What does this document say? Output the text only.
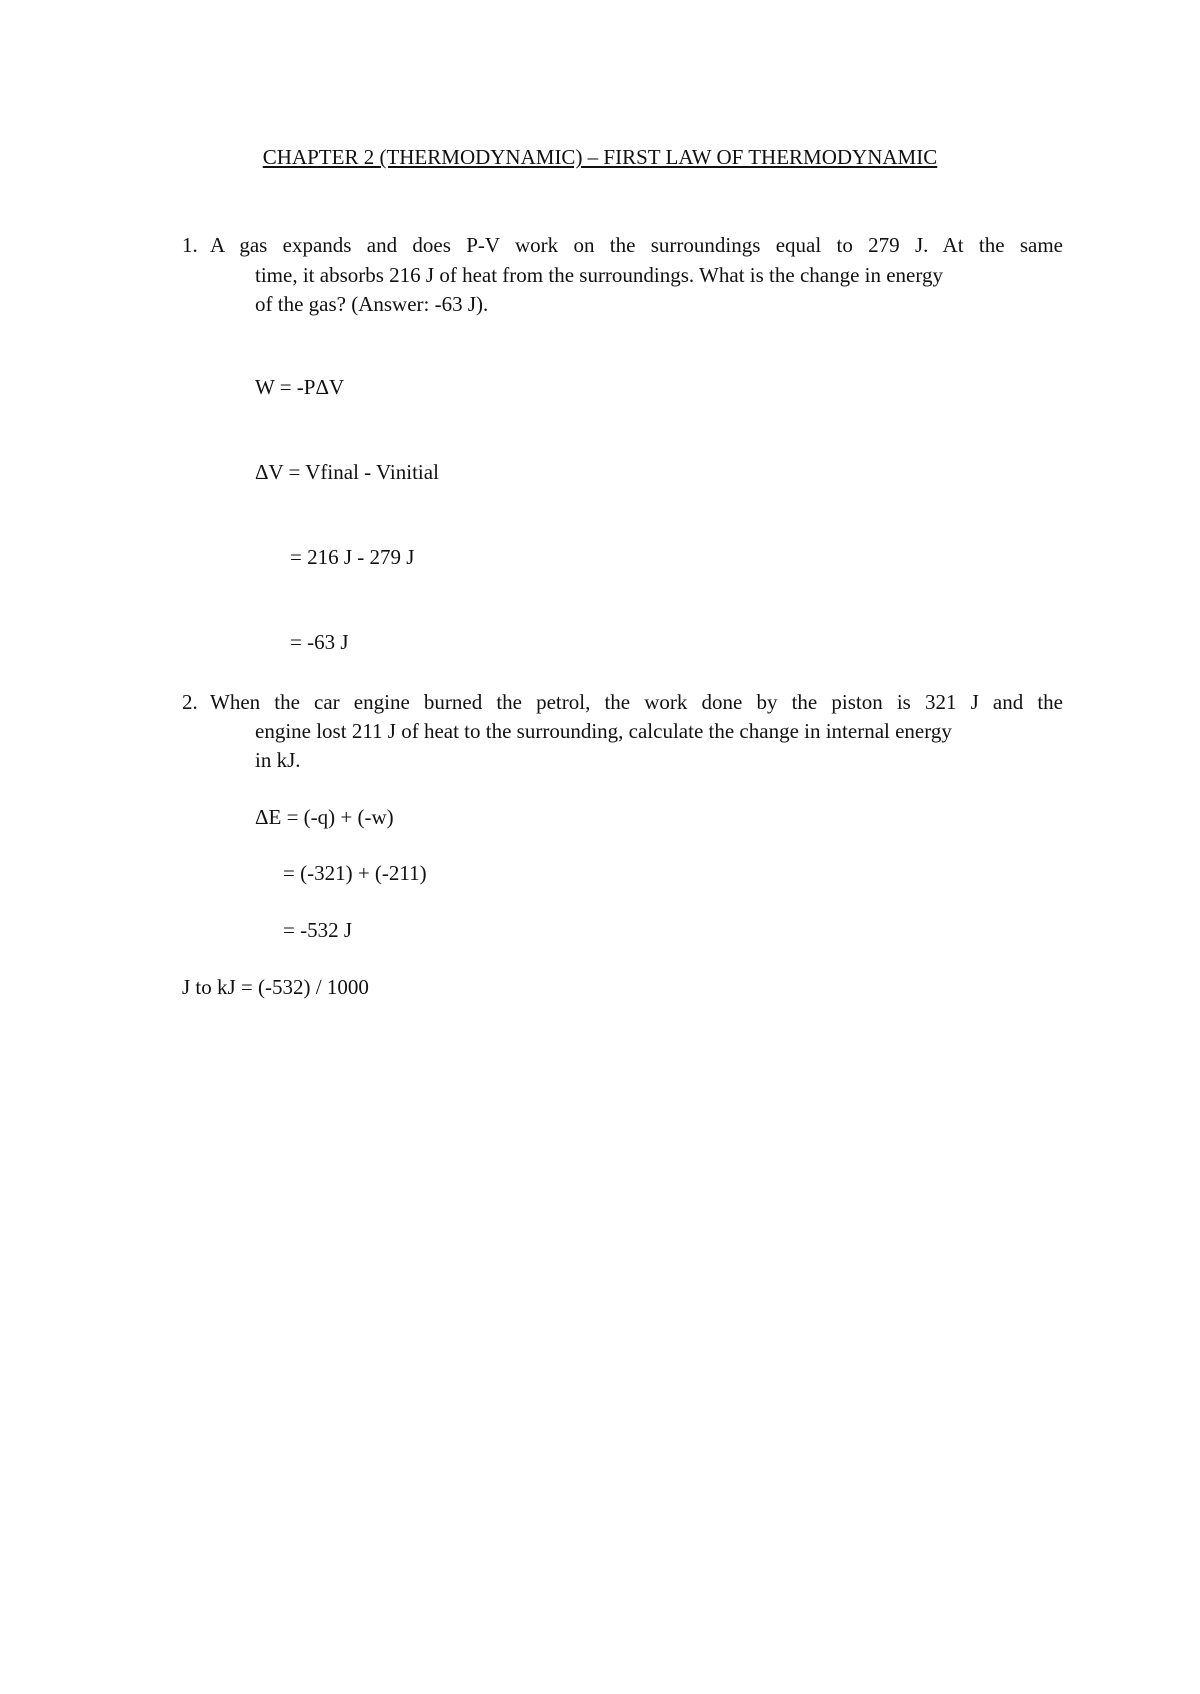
CHAPTER 2 (THERMODYNAMIC) – FIRST LAW OF THERMODYNAMIC
1. A gas expands and does P-V work on the surroundings equal to 279 J. At the same
time, it absorbs 216 J of heat from the surroundings. What is the change in energy
of the gas? (Answer: -63 J).
W = -PΔV
ΔV = Vfinal - Vinitial
= 216 J - 279 J
= -63 J
2. When the car engine burned the petrol, the work done by the piston is 321 J and the
engine lost 211 J of heat to the surrounding, calculate the change in internal energy
in kJ.
ΔE = (-q) + (-w)
= (-321) + (-211)
= -532 J
J to kJ = (-532) / 1000
